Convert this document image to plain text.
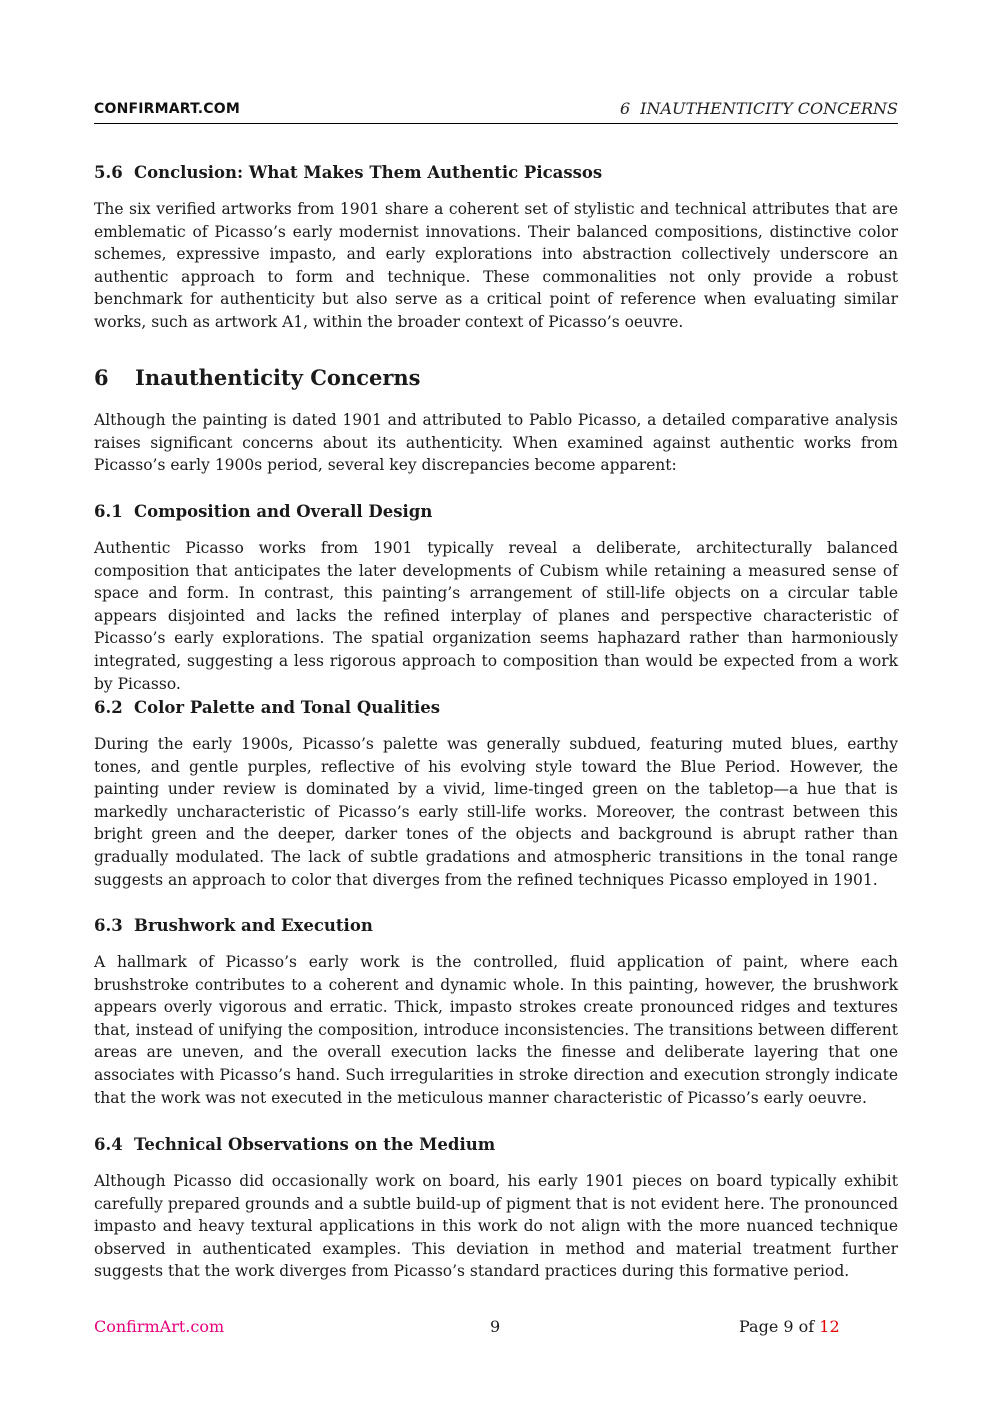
CONFIRMART.COM	6 INAUTHENTICITY CONCERNS
5.6 Conclusion: What Makes Them Authentic Picassos

The six verified artworks from 1901 share a coherent set of stylistic and technical attributes that are emblematic of Picasso’s early modernist innovations. Their balanced compositions, distinctive color schemes, expressive impasto, and early explorations into abstraction collectively underscore an authentic approach to form and technique. These commonalities not only provide a robust benchmark for authenticity but also serve as a critical point of reference when evaluating similar works, such as artwork A1, within the broader context of Picasso’s oeuvre.

6 Inauthenticity Concerns

Although the painting is dated 1901 and attributed to Pablo Picasso, a detailed comparative analysis raises significant concerns about its authenticity. When examined against authentic works from Picasso’s early 1900s period, several key discrepancies become apparent:

6.1 Composition and Overall Design

Authentic Picasso works from 1901 typically reveal a deliberate, architecturally balanced composition that anticipates the later developments of Cubism while retaining a measured sense of space and form. In contrast, this painting’s arrangement of still-life objects on a circular table appears disjointed and lacks the refined interplay of planes and perspective characteristic of Picasso’s early explorations. The spatial organization seems haphazard rather than harmoniously integrated, suggesting a less rigorous approach to composition than would be expected from a work by Picasso.

6.2 Color Palette and Tonal Qualities

During the early 1900s, Picasso’s palette was generally subdued, featuring muted blues, earthy tones, and gentle purples, reflective of his evolving style toward the Blue Period. However, the painting under review is dominated by a vivid, lime-tinged green on the tabletop—a hue that is markedly uncharacteristic of Picasso’s early still-life works. Moreover, the contrast between this bright green and the deeper, darker tones of the objects and background is abrupt rather than gradually modulated. The lack of subtle gradations and atmospheric transitions in the tonal range suggests an approach to color that diverges from the refined techniques Picasso employed in 1901.

6.3 Brushwork and Execution

A hallmark of Picasso’s early work is the controlled, fluid application of paint, where each brushstroke contributes to a coherent and dynamic whole. In this painting, however, the brushwork appears overly vigorous and erratic. Thick, impasto strokes create pronounced ridges and textures that, instead of unifying the composition, introduce inconsistencies. The transitions between different areas are uneven, and the overall execution lacks the finesse and deliberate layering that one associates with Picasso’s hand. Such irregularities in stroke direction and execution strongly indicate that the work was not executed in the meticulous manner characteristic of Picasso’s early oeuvre.

6.4 Technical Observations on the Medium

Although Picasso did occasionally work on board, his early 1901 pieces on board typically exhibit carefully prepared grounds and a subtle build-up of pigment that is not evident here. The pronounced impasto and heavy textural applications in this work do not align with the more nuanced technique observed in authenticated examples. This deviation in method and material treatment further suggests that the work diverges from Picasso’s standard practices during this formative period.

ConfirmArt.com	9	Page 9 of 12
